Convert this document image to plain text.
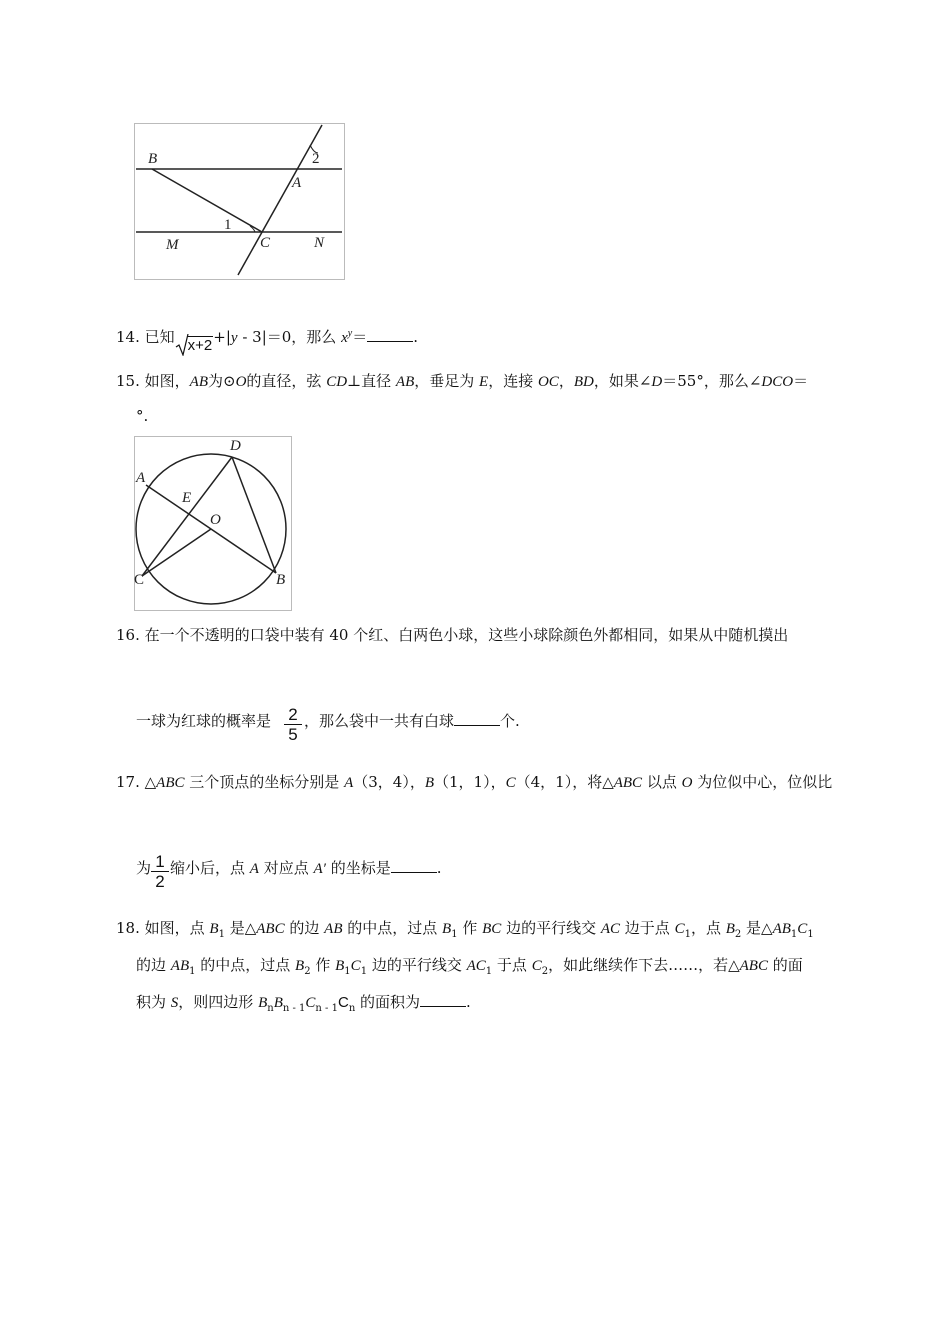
B	2
A
1
C
M	N
14. 已知 x+2+|y - 3|＝0，那么 $x^y=$	.
15. 如图，AB为⊙O的直径，弦 CD⊥直径 AB，垂足为 E，连接 OC，BD，如果∠D＝55°，那么∠DCO＝
°.
A
D
E
O
C	B
16. 在一个不透明的口袋中装有 40 个红、白两色小球，这些小球除颜色外都相同，如果从中随机摸出
一球为红球的概率是 $\frac{2}{5}$ ，那么袋中一共有白球	个.
17. △ABC 三个顶点的坐标分别是 A（3，4），B（1，1），C（4，1），将△ABC 以点 O 为位似中心，位似比
为 $\frac{1}{2}$ 缩小后，点 A 对应点 A′ 的坐标是	.
18. 如图，点 $B_1$ 是△ABC 的边 AB 的中点，过点 $B_1$ 作 BC 边的平行线交 AC 边于点 $C_1$，点 $B_2$ 是$\triangle AB_1C_1$
的边 $AB_1$ 的中点，过点 $B_2$ 作 $B_1C_1$ 边的平行线交 $AC_1$ 于点 $C_2$，如此继续作下去……，若△ABC 的面
积为 S，则四边形 $B_nB_{n - 1}C_{n - 1}C_n$ 的面积为	.
